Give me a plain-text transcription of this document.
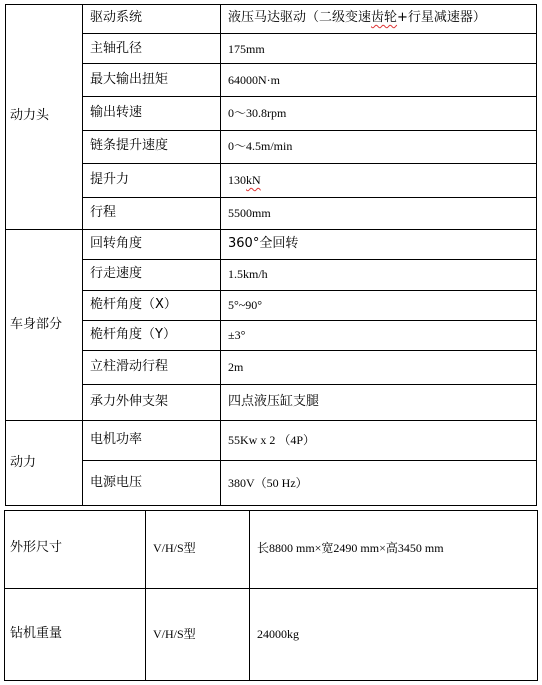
动力头
驱动系统	液压马达驱动（二级变速 齿轮 +行星减速器）
主轴孔径	175mm
最大输出扭矩	64000N·m
输出转速	0～30.8rpm
链条提升速度	0～4.5m/min
提升力	130 kN
行程	5500mm
车身部分
回转角度	360°全回转
行走速度	1.5km/h
桅杆角度（X）	5°~90°
桅杆角度（Y）	±3°
立柱滑动行程	2m
承力外伸支架	四点液压缸支腿
动力
电机功率	55Kw x 2 （4P）
电源电压	380V（50 Hz）
外形尺寸	V/H/S型	长8800 mm×宽2490 mm×高3450 mm
钻机重量	V/H/S型	24000kg
